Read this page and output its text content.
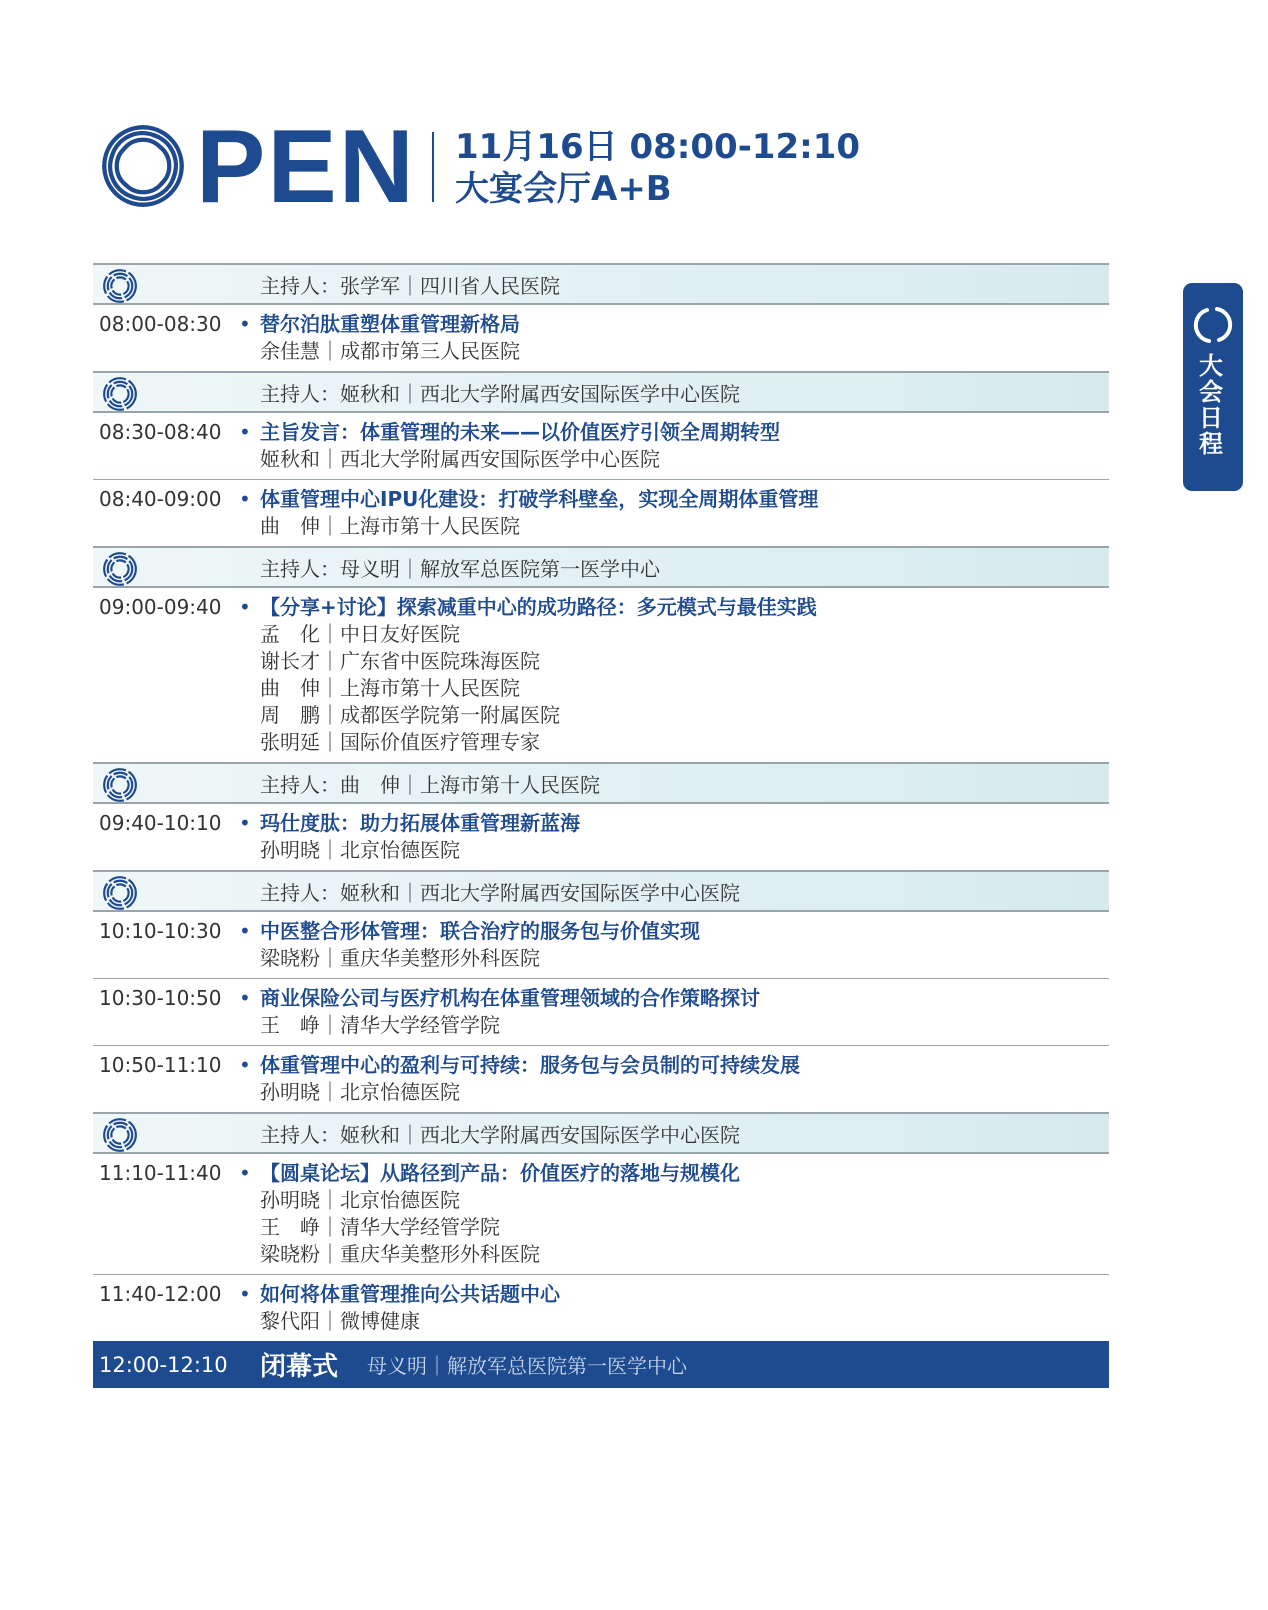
PEN 11月16日 08:00-12:10
大宴会厅A+B
大会日程
主持人：张学军｜四川省人民医院
08:00-08:30 • 替尔泊肽重塑体重管理新格局
余佳慧｜成都市第三人民医院
主持人：姬秋和｜西北大学附属西安国际医学中心医院
08:30-08:40 • 主旨发言：体重管理的未来——以价值医疗引领全周期转型
姬秋和｜西北大学附属西安国际医学中心医院
08:40-09:00 • 体重管理中心IPU化建设：打破学科壁垒，实现全周期体重管理
曲　伸｜上海市第十人民医院
主持人：母义明｜解放军总医院第一医学中心
09:00-09:40 • 【分享+讨论】探索减重中心的成功路径：多元模式与最佳实践
孟　化｜中日友好医院
谢长才｜广东省中医院珠海医院
曲　伸｜上海市第十人民医院
周　鹏｜成都医学院第一附属医院
张明延｜国际价值医疗管理专家
主持人：曲　伸｜上海市第十人民医院
09:40-10:10 • 玛仕度肽：助力拓展体重管理新蓝海
孙明晓｜北京怡德医院
主持人：姬秋和｜西北大学附属西安国际医学中心医院
10:10-10:30 • 中医整合形体管理：联合治疗的服务包与价值实现
梁晓粉｜重庆华美整形外科医院
10:30-10:50 • 商业保险公司与医疗机构在体重管理领域的合作策略探讨
王　峥｜清华大学经管学院
10:50-11:10 • 体重管理中心的盈利与可持续：服务包与会员制的可持续发展
孙明晓｜北京怡德医院
主持人：姬秋和｜西北大学附属西安国际医学中心医院
11:10-11:40 • 【圆桌论坛】从路径到产品：价值医疗的落地与规模化
孙明晓｜北京怡德医院
王　峥｜清华大学经管学院
梁晓粉｜重庆华美整形外科医院
11:40-12:00 • 如何将体重管理推向公共话题中心
黎代阳｜微博健康
12:00-12:10 闭幕式 母义明｜解放军总医院第一医学中心
